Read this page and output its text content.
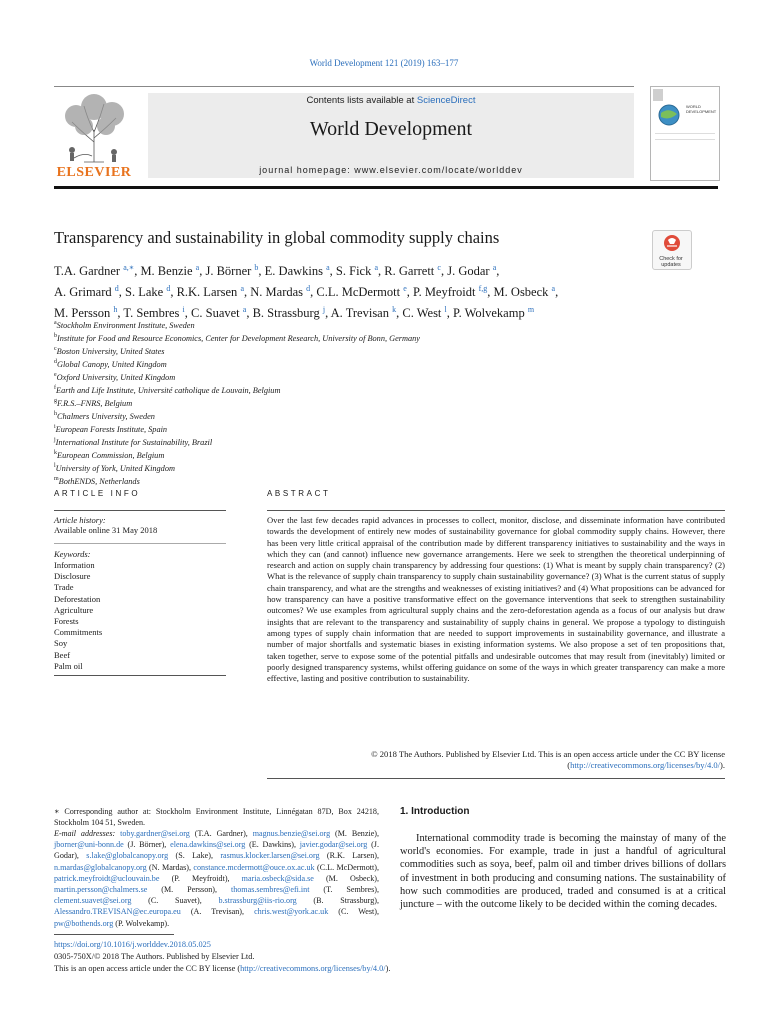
World Development 121 (2019) 163–177
ELSEVIER
Contents lists available at ScienceDirect
World Development
journal homepage: www.elsevier.com/locate/worlddev
WORLD DEVELOPMENT
Transparency and sustainability in global commodity supply chains
Check for updates
T.A. Gardner $^{a,∗}$, M. Benzie $^a$, J. Börner $^b$, E. Dawkins $^a$, S. Fick $^a$, R. Garrett $^c$, J. Godar $^a$,
A. Grimard $^d$, S. Lake $^d$, R.K. Larsen $^a$, N. Mardas $^d$, C.L. McDermott $^e$, P. Meyfroidt $^{f,g}$, M. Osbeck $^a$,
M. Persson $^h$, T. Sembres $^i$, C. Suavet $^a$, B. Strassburg $^j$, A. Trevisan $^k$, C. West $^l$, P. Wolvekamp $^m$
$^a$Stockholm Environment Institute, Sweden
$^b$Institute for Food and Resource Economics, Center for Development Research, University of Bonn, Germany
$^c$Boston University, United States
$^d$Global Canopy, United Kingdom
$^e$Oxford University, United Kingdom
$^f$Earth and Life Institute, Université catholique de Louvain, Belgium
$^g$F.R.S.–FNRS, Belgium
$^h$Chalmers University, Sweden
$^i$European Forests Institute, Spain
$^j$International Institute for Sustainability, Brazil
$^k$European Commission, Belgium
$^l$University of York, United Kingdom
$^m$BothENDS, Netherlands
ARTICLE INFO	ABSTRACT
Article history:
Available online 31 May 2018
Keywords:
Information
Disclosure
Trade
Deforestation
Agriculture
Forests
Commitments
Soy
Beef
Palm oil
Over the last few decades rapid advances in processes to collect, monitor, disclose, and disseminate information have contributed towards the development of entirely new modes of sustainability governance for global commodity supply chains. However, there has been very little critical appraisal of the contribution made by different transparency initiatives to sustainability and the ways in which they can (and cannot) influence new governance arrangements. Here we seek to strengthen the theoretical underpinning of research and action on supply chain transparency by addressing four questions: (1) What is meant by supply chain transparency? (2) What is the relevance of supply chain transparency to supply chain sustainability governance? (3) What is the current status of supply chain transparency, and what are the strengths and weaknesses of existing initiatives? and (4) What propositions can be advanced for how transparency can have a positive transformative effect on the governance interventions that seek to strengthen sustainability outcomes? We use examples from agricultural supply chains and the zero-deforestation agenda as a focus of our analysis but draw insights that are relevant to the transparency and sustainability of supply chains in general. We propose a typology to distinguish among types of supply chain information that are needed to support improvements in sustainability governance, and illustrate a number of major shortfalls and systematic biases in existing information systems. We also propose a set of ten propositions that, taken together, serve to expose some of the potential pitfalls and undesirable outcomes that may result from (inevitably) limited or poorly designed transparency systems, whilst offering guidance on some of the ways in which greater transparency can make a more effective, lasting and positive contribution to sustainability.
© 2018 The Authors. Published by Elsevier Ltd. This is an open access article under the CC BY license (http://creativecommons.org/licenses/by/4.0/).
∗ Corresponding author at: Stockholm Environment Institute, Linnégatan 87D, Box 24218, Stockholm 104 51, Sweden.
E-mail addresses: toby.gardner@sei.org (T.A. Gardner), magnus.benzie@sei.org (M. Benzie), jborner@uni-bonn.de (J. Börner), elena.dawkins@sei.org (E. Dawkins), javier.godar@sei.org (J. Godar), s.lake@globalcanopy.org (S. Lake), rasmus.klocker.larsen@sei.org (R.K. Larsen), n.mardas@globalcanopy.org (N. Mardas), constance.mcdermott@ouce.ox.ac.uk (C.L. McDermott), patrick.meyfroidt@uclouvain.be (P. Meyfroidt), maria.osbeck@sida.se (M. Osbeck), martin.persson@chalmers.se (M. Persson), thomas.sembres@efi.int (T. Sembres), clement.suavet@sei.org (C. Suavet), b.strassburg@iis-rio.org (B. Strassburg), Alessandro.TREVISAN@ec.europa.eu (A. Trevisan), chris.west@york.ac.uk (C. West), pw@bothends.org (P. Wolvekamp).
1. Introduction
International commodity trade is becoming the mainstay of many of the world's economies. For example, trade in just a handful of agricultural commodities such as soya, beef, palm oil and timber drives billions of dollars of investment in both producing and consuming nations. The sustainability of how such commodities are produced, traded and consumed is at a critical juncture – with the outcome likely to be decided within the coming decades.
https://doi.org/10.1016/j.worlddev.2018.05.025
0305-750X/© 2018 The Authors. Published by Elsevier Ltd.
This is an open access article under the CC BY license (http://creativecommons.org/licenses/by/4.0/).
